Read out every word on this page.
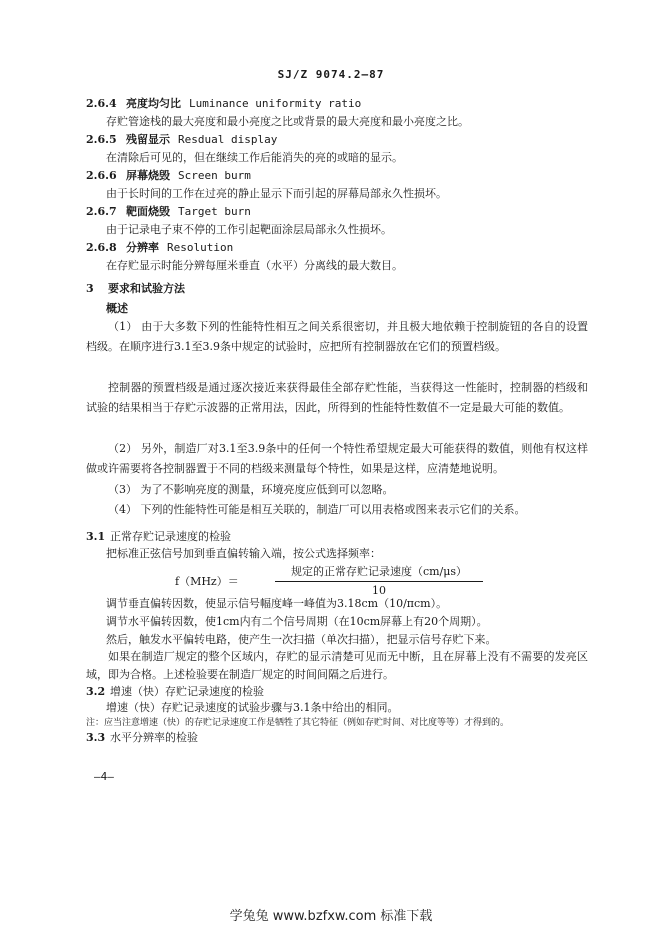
SJ/Z 9074.2—87
2.6.4 亮度均匀比 Luminance uniformity ratio
存贮管途栈的最大亮度和最小亮度之比或背景的最大亮度和最小亮度之比。
2.6.5 残留显示 Resdual display
在清除后可见的，但在继续工作后能消失的亮的或暗的显示。
2.6.6 屏幕烧毁 Screen burm
由于长时间的工作在过亮的静止显示下而引起的屏幕局部永久性损坏。
2.6.7 靶面烧毁 Target burn
由于记录电子束不停的工作引起靶面涂层局部永久性损坏。
2.6.8 分辨率 Resolution
在存贮显示时能分辨每厘米垂直（水平）分离线的最大数目。
3 要求和试验方法
概述
（1） 由于大多数下列的性能特性相互之间关系很密切，并且极大地依赖于控制旋钮的各自的设置档级。在顺序进行3.1至3.9条中规定的试验时，应把所有控制器放在它们的预置档级。
控制器的预置档级是通过逐次接近来获得最佳全部存贮性能，当获得这一性能时，控制器的档级和试验的结果相当于存贮示波器的正常用法，因此，所得到的性能特性数值不一定是最大可能的数值。
（2） 另外，制造厂对3.1至3.9条中的任何一个特性希望规定最大可能获得的数值，则他有权这样做或许需要将各控制器置于不同的档级来测量每个特性，如果是这样，应清楚地说明。
（3） 为了不影响亮度的测量，环境亮度应低到可以忽略。
（4） 下列的性能特性可能是相互关联的，制造厂可以用表格或图来表示它们的关系。
3.1 正常存贮记录速度的检验
把标准正弦信号加到垂直偏转输入端，按公式选择频率：
f（MHz）＝
规定的正常存贮记录速度（cm/μs）
10
调节垂直偏转因数，使显示信号幅度峰一峰值为3.18cm（10/πcm）。
调节水平偏转因数，使1cm内有二个信号周期（在10cm屏幕上有20个周期）。
然后，触发水平偏转电路，使产生一次扫描（单次扫描），把显示信号存贮下来。
如果在制造厂规定的整个区域内，存贮的显示清楚可见而无中断，且在屏幕上没有不需要的发亮区域，即为合格。上述检验要在制造厂规定的时间间隔之后进行。
3.2 增速（快）存贮记录速度的检验
增速（快）存贮记录速度的试验步骤与3.1条中给出的相同。
注：应当注意增速（快）的存贮记录速度工作是牺牲了其它特征（例如存贮时间、对比度等等）才得到的。
3.3 水平分辨率的检验
—4—
学兔兔 www.bzfxw.com 标准下载
